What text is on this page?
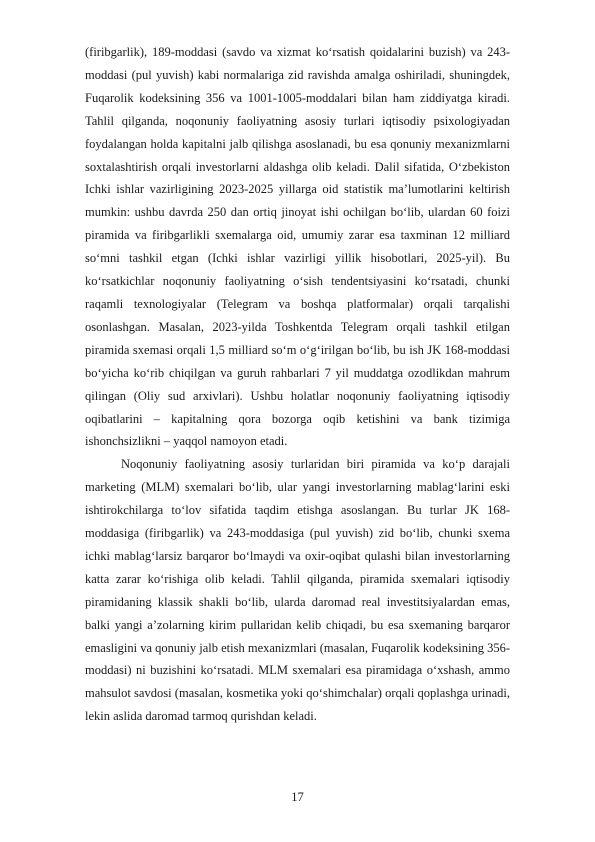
(firibgarlik), 189-moddasi (savdo va xizmat ko‘rsatish qoidalarini buzish) va 243-moddasi (pul yuvish) kabi normalariga zid ravishda amalga oshiriladi, shuningdek, Fuqarolik kodeksining 356 va 1001-1005-moddalari bilan ham ziddiyatga kiradi. Tahlil qilganda, noqonuniy faoliyatning asosiy turlari iqtisodiy psixologiyadan foydalangan holda kapitalni jalb qilishga asoslanadi, bu esa qonuniy mexanizmlarni soxtalashtirish orqali investorlarni aldashga olib keladi. Dalil sifatida, O‘zbekiston Ichki ishlar vazirligining 2023-2025 yillarga oid statistik ma’lumotlarini keltirish mumkin: ushbu davrda 250 dan ortiq jinoyat ishi ochilgan bo‘lib, ulardan 60 foizi piramida va firibgarlikli sxemalarga oid, umumiy zarar esa taxminan 12 milliard so‘mni tashkil etgan (Ichki ishlar vazirligi yillik hisobotlari, 2025-yil). Bu ko‘rsatkichlar noqonuniy faoliyatning o‘sish tendentsiyasini ko‘rsatadi, chunki raqamli texnologiyalar (Telegram va boshqa platformalar) orqali tarqalishi osonlashgan. Masalan, 2023-yilda Toshkentda Telegram orqali tashkil etilgan piramida sxemasi orqali 1,5 milliard so‘m o‘g‘irilgan bo‘lib, bu ish JK 168-moddasi bo‘yicha ko‘rib chiqilgan va guruh rahbarlari 7 yil muddatga ozodlikdan mahrum qilingan (Oliy sud arxivlari). Ushbu holatlar noqonuniy faoliyatning iqtisodiy oqibatlarini – kapitalning qora bozorga oqib ketishini va bank tizimiga ishonchsizlikni – yaqqol namoyon etadi.

Noqonuniy faoliyatning asosiy turlaridan biri piramida va ko‘p darajali marketing (MLM) sxemalari bo‘lib, ular yangi investorlarning mablag‘larini eski ishtirokchilarga to‘lov sifatida taqdim etishga asoslangan. Bu turlar JK 168-moddasiga (firibgarlik) va 243-moddasiga (pul yuvish) zid bo‘lib, chunki sxema ichki mablag‘larsiz barqaror bo‘lmaydi va oxir-oqibat qulashi bilan investorlarning katta zarar ko‘rishiga olib keladi. Tahlil qilganda, piramida sxemalari iqtisodiy piramidaning klassik shakli bo‘lib, ularda daromad real investitsiyalardan emas, balki yangi a’zolarning kirim pullaridan kelib chiqadi, bu esa sxemaning barqaror emasligini va qonuniy jalb etish mexanizmlari (masalan, Fuqarolik kodeksining 356-moddasi) ni buzishini ko‘rsatadi. MLM sxemalari esa piramidaga o‘xshash, ammo mahsulot savdosi (masalan, kosmetika yoki qo‘shimchalar) orqali qoplashga urinadi, lekin aslida daromad tarmoq qurishdan keladi.

17
